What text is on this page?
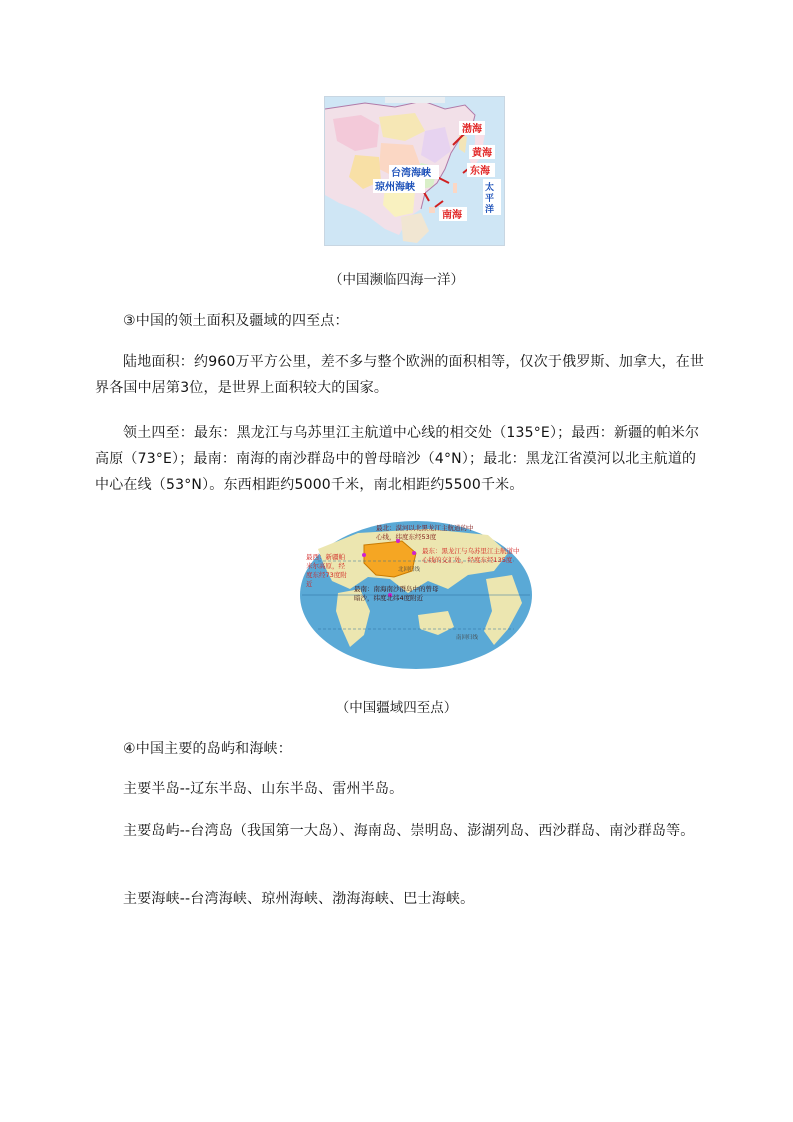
渤海
黄海
东海
台湾海峡
琼州海峡	太
平
洋
南海
（中国濒临四海一洋）
③中国的领土面积及疆域的四至点：
陆地面积：约960万平方公里，差不多与整个欧洲的面积相等，仅次于俄罗斯、加拿大，在世界各国中居第3位，是世界上面积较大的国家。
领土四至：最东：黑龙江与乌苏里江主航道中心线的相交处（135°E）；最西：新疆的帕米尔高原（73°E）；最南：南海的南沙群岛中的曾母暗沙（4°N）；最北：黑龙江省漠河以北主航道的中心在线（53°N）。东西相距约5000千米，南北相距约5500千米。
最北：漠河以北黑龙江主航道的中
心线，纬度东经53度
最东：黑龙江与乌苏里江主航道中
心线的交汇处，经度东经135度
北回归线
最西：新疆帕
米尔高原，经
度东经73度附
近
最南：南海南沙群岛中的曾母
暗沙，纬度北纬4度附近
南回归线
（中国疆域四至点）
④中国主要的岛屿和海峡：
主要半岛--辽东半岛、山东半岛、雷州半岛。
主要岛屿--台湾岛（我国第一大岛）、海南岛、崇明岛、澎湖列岛、西沙群岛、南沙群岛等。
主要海峡--台湾海峡、琼州海峡、渤海海峡、巴士海峡。
